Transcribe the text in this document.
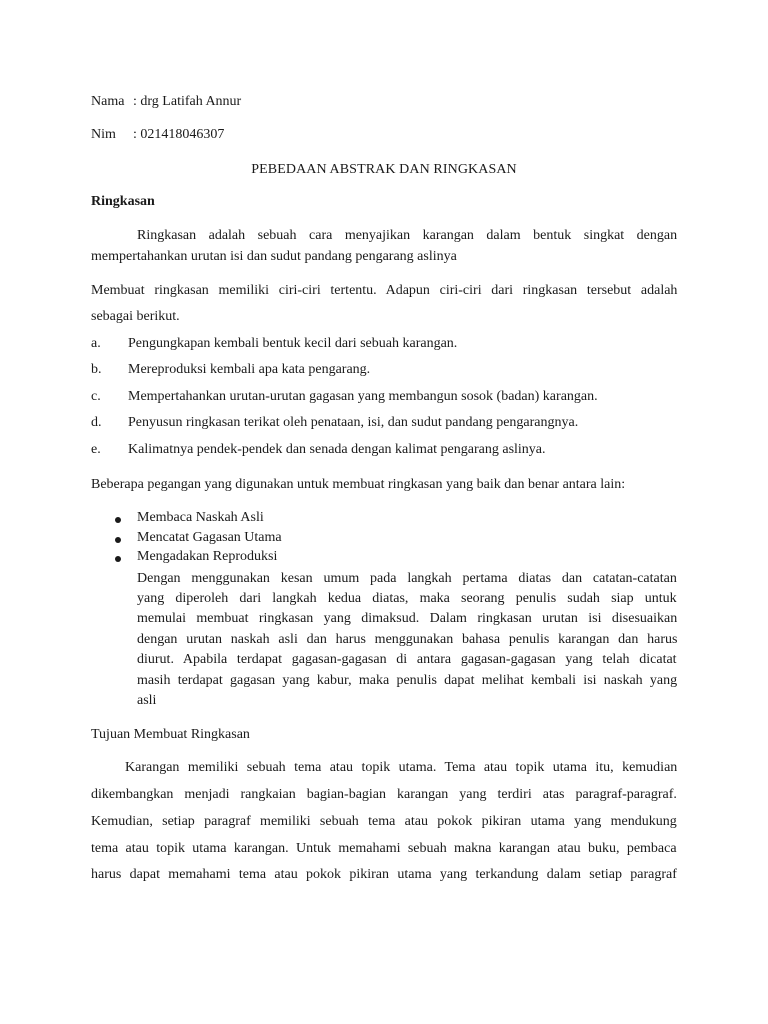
Nama : drg Latifah Annur
Nim : 021418046307
PEBEDAAN ABSTRAK DAN RINGKASAN
Ringkasan
Ringkasan adalah sebuah cara menyajikan karangan dalam bentuk singkat dengan
mempertahankan urutan isi dan sudut pandang pengarang aslinya
Membuat ringkasan memiliki ciri-ciri tertentu. Adapun ciri-ciri dari ringkasan tersebut adalah
sebagai berikut.
a. Pengungkapan kembali bentuk kecil dari sebuah karangan.
b. Mereproduksi kembali apa kata pengarang.
c. Mempertahankan urutan-urutan gagasan yang membangun sosok (badan) karangan.
d. Penyusun ringkasan terikat oleh penataan, isi, dan sudut pandang pengarangnya.
e. Kalimatnya pendek-pendek dan senada dengan kalimat pengarang aslinya.
Beberapa pegangan yang digunakan untuk membuat ringkasan yang baik dan benar antara lain:
Membaca Naskah Asli
Mencatat Gagasan Utama
Mengadakan Reproduksi
Dengan menggunakan kesan umum pada langkah pertama diatas dan catatan-catatan
yang diperoleh dari langkah kedua diatas, maka seorang penulis sudah siap untuk
memulai membuat ringkasan yang dimaksud. Dalam ringkasan urutan isi disesuaikan
dengan urutan naskah asli dan harus menggunakan bahasa penulis karangan dan harus
diurut. Apabila terdapat gagasan-gagasan di antara gagasan-gagasan yang telah dicatat
masih terdapat gagasan yang kabur, maka penulis dapat melihat kembali isi naskah yang
asli
Tujuan Membuat Ringkasan
Karangan memiliki sebuah tema atau topik utama. Tema atau topik utama itu, kemudian
dikembangkan menjadi rangkaian bagian-bagian karangan yang terdiri atas paragraf-paragraf.
Kemudian, setiap paragraf memiliki sebuah tema atau pokok pikiran utama yang mendukung
tema atau topik utama karangan. Untuk memahami sebuah makna karangan atau buku, pembaca
harus dapat memahami tema atau pokok pikiran utama yang terkandung dalam setiap paragraf
